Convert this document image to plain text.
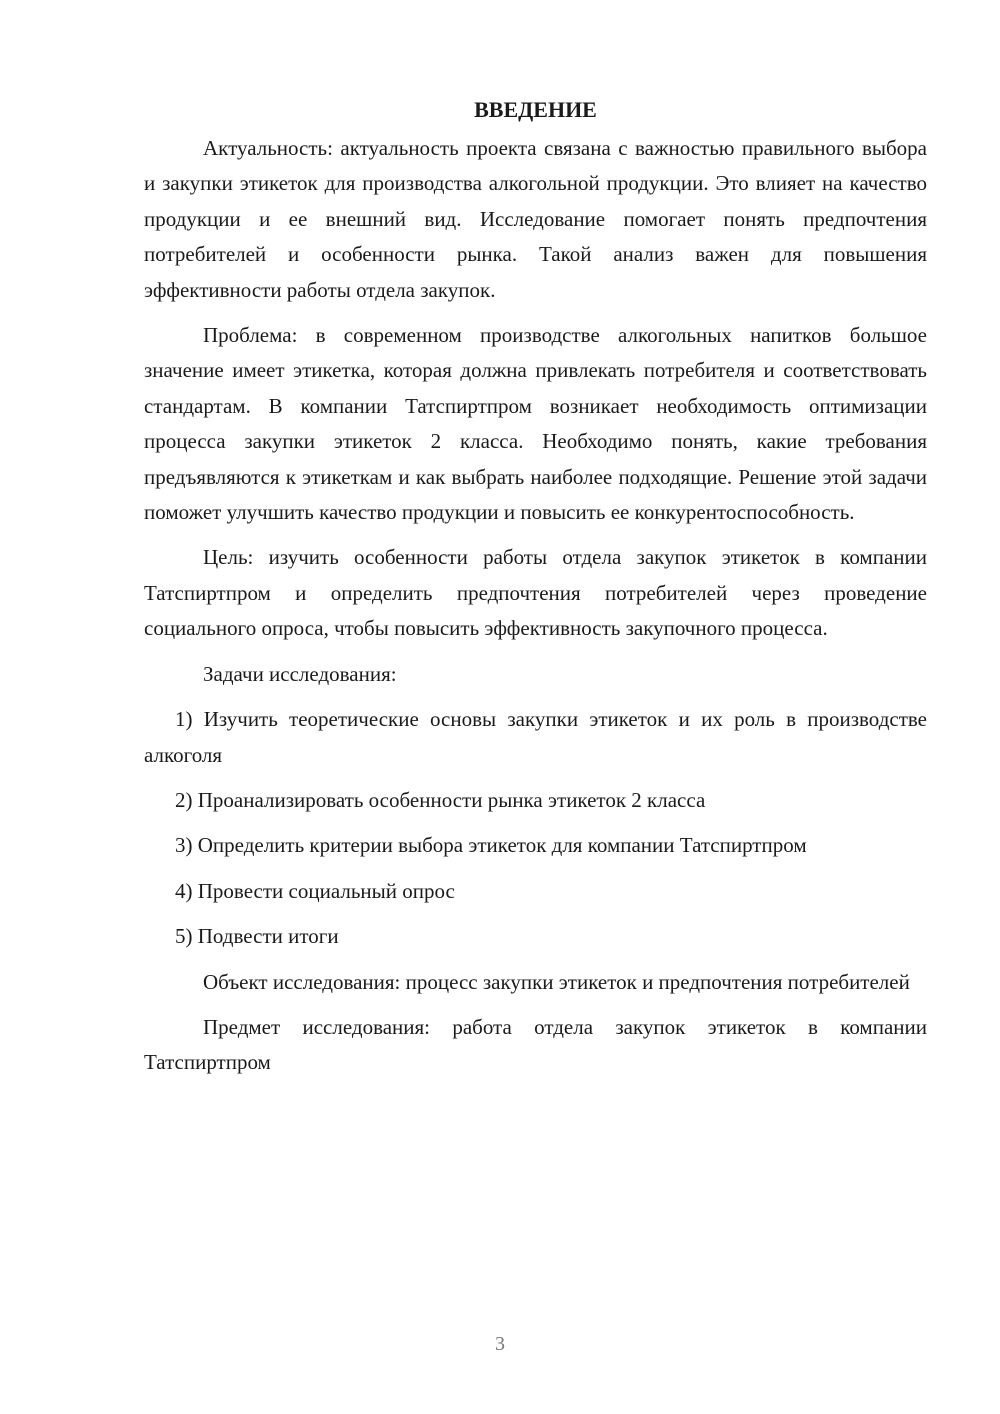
ВВЕДЕНИЕ

Актуальность: актуальность проекта связана с важностью правильного выбора и закупки этикеток для производства алкогольной продукции. Это влияет на качество продукции и ее внешний вид. Исследование помогает понять предпочтения потребителей и особенности рынка. Такой анализ важен для повышения эффективности работы отдела закупок.

Проблема: в современном производстве алкогольных напитков большое значение имеет этикетка, которая должна привлекать потребителя и соответствовать стандартам. В компании Татспиртпром возникает необходимость оптимизации процесса закупки этикеток 2 класса. Необходимо понять, какие требования предъявляются к этикеткам и как выбрать наиболее подходящие. Решение этой задачи поможет улучшить качество продукции и повысить ее конкурентоспособность.

Цель: изучить особенности работы отдела закупок этикеток в компании Татспиртпром и определить предпочтения потребителей через проведение социального опроса, чтобы повысить эффективность закупочного процесса.

Задачи исследования:

1) Изучить теоретические основы закупки этикеток и их роль в производстве алкоголя

2) Проанализировать особенности рынка этикеток 2 класса

3) Определить критерии выбора этикеток для компании Татспиртпром

4) Провести социальный опрос

5) Подвести итоги

Объект исследования: процесс закупки этикеток и предпочтения потребителей

Предмет исследования: работа отдела закупок этикеток в компании Татспиртпром

3
